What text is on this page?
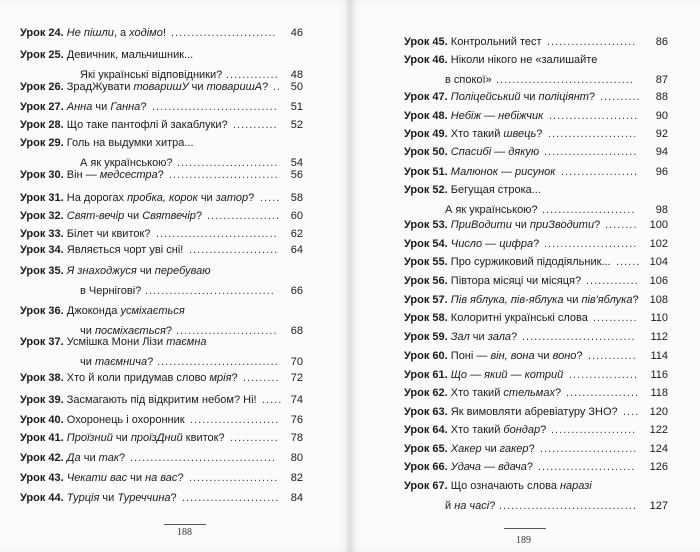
Урок 24. Не пішли, а ходімо! .......................... 46
Урок 25. Девичник, мальчишник...
Які українські відповідники? ............. 48
Урок 26. ЗрадЖувати товаришУ чи товаришА? .. 50
Урок 27. Анна чи Ганна? ............................... 51
Урок 28. Що таке пантофлі й закаблуки? ........... 52
Урок 29. Голь на выдумки хитра...
А як українською? ......................... 54
Урок 30. Він — медсестра? ........................... 56
Урок 31. На дорогах пробка, корок чи затор? ..... 58
Урок 32. Свят-вечір чи Святвечір? .................. 60
Урок 33. Білет чи квиток? .............................. 62
Урок 34. Являється чорт уві сні! ...................... 64
Урок 35. Я знаходжуся чи перебуваю
в Чернігові? ................................ 66
Урок 36. Джоконда усміхається
чи посміхається? ......................... 68
Урок 37. Усмішка Мони Лізи таємна
чи таємнича? .............................. 70
Урок 38. Хто й коли придумав слово мрія? ......... 72
Урок 39. Засмагають під відкритим небом? Ні! ..... 74
Урок 40. Охоронець і охоронник ...................... 76
Урок 41. Проїзний чи проїзДний квиток? ............ 78
Урок 42. Да чи так? .................................... 80
Урок 43. Чекати вас чи на вас? ...................... 82
Урок 44. Турція чи Туреччина? ........................ 84
188
Урок 45. Контрольний тест ...................... 86
Урок 46. Ніколи нікого не «залишайте
в спокої» .................................. 87
Урок 47. Поліцейський чи поліціянт? .......... 88
Урок 48. Небіж — небіжчик ...................... 90
Урок 49. Хто такий швець? ...................... 92
Урок 50. Спасибі — дякую ....................... 94
Урок 51. Малюнок — рисунок ................... 96
Урок 52. Бегущая строка...
А як українською? ....................... 98
Урок 53. ПриВодити чи приЗводити? ........ 100
Урок 54. Число — цифра? ....................... 102
Урок 55. Про суржиковий підодіяльник... ...... 104
Урок 56. Півтора місяці чи місяця? ............. 106
Урок 57. Пів яблука, пів-яблука чи пів'яблука? 108
Урок 58. Колоритні українські слова ........... 110
Урок 59. Зал чи зала? ............................ 112
Урок 60. Поні — він, вона чи воно? ............ 114
Урок 61. Що — який — котрий ................. 116
Урок 62. Хто такий стельмах? .................. 118
Урок 63. Як вимовляти абревіатуру ЗНО? .... 120
Урок 64. Хто такий бондар? ..................... 122
Урок 65. Хакер чи гакер? ........................ 124
Урок 66. Удача — вдача? ........................ 126
Урок 67. Що означають слова наразі
й на часі? .................................. 127
189
